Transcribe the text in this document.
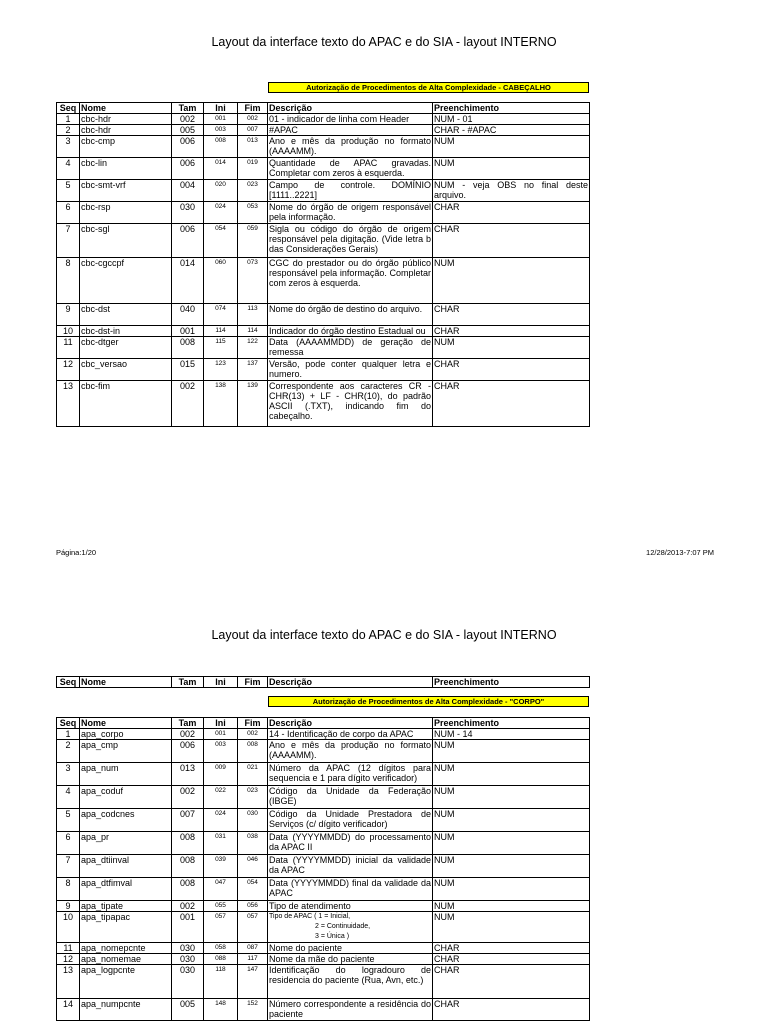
Layout da interface texto do APAC e do SIA - layout INTERNO
Autorização de Procedimentos de Alta Complexidade - CABEÇALHO
Seq	Nome	Tam	Ini	Fim	Descrição	Preenchimento
1	cbc-hdr	002	001	002	01 - indicador de linha com Header	NUM - 01
2	cbc-hdr	005	003	007	#APAC	CHAR - #APAC
3	cbc-cmp	006	008	013	Ano e mês da produção no formato (AAAAMM).	NUM
4	cbc-lin	006	014	019	Quantidade de APAC gravadas. Completar com zeros à esquerda.	NUM
5	cbc-smt-vrf	004	020	023	Campo de controle. DOMÍNIO [1111..2221]	NUM - veja OBS no final deste arquivo.
6	cbc-rsp	030	024	053	Nome do órgão de origem responsável pela informação.	CHAR
7	cbc-sgl	006	054	059	Sigla ou código do órgão de origem responsável pela digitação. (Vide letra b das Considerações Gerais)	CHAR
8	cbc-cgccpf	014	060	073	CGC do prestador ou do órgão público responsável pela informação. Completar com zeros à esquerda.	NUM
9	cbc-dst	040	074	113	Nome do órgão de destino do arquivo.	CHAR
10	cbc-dst-in	001	114	114	Indicador do órgão destino Estadual ou	CHAR
11	cbc-dtger	008	115	122	Data (AAAAMMDD) de geração de remessa	NUM
12	cbc_versao	015	123	137	Versão, pode conter qualquer letra e numero.	CHAR
13	cbc-fim	002	138	139	Correspondente aos caracteres CR - CHR(13) + LF - CHR(10), do padrão ASCII (.TXT), indicando fim do cabeçalho.	CHAR
Página:1/20	12/28/2013-7:07 PM
Layout da interface texto do APAC e do SIA - layout INTERNO
Seq	Nome	Tam	Ini	Fim	Descrição	Preenchimento
Autorização de Procedimentos de Alta Complexidade - "CORPO"
Seq	Nome	Tam	Ini	Fim	Descrição	Preenchimento
1	apa_corpo	002	001	002	14 - Identificação de corpo da APAC	NUM - 14
2	apa_cmp	006	003	008	Ano e mês da produção no formato (AAAAMM).	NUM
3	apa_num	013	009	021	Número da APAC (12 dígitos para sequencia e 1 para dígito verificador)	NUM
4	apa_coduf	002	022	023	Código da Unidade da Federação (IBGE)	NUM
5	apa_codcnes	007	024	030	Código da Unidade Prestadora de Serviços (c/ dígito verificador)	NUM
6	apa_pr	008	031	038	Data (YYYYMMDD) do processamento da APAC II	NUM
7	apa_dtiinval	008	039	046	Data (YYYYMMDD) inicial da validade da APAC	NUM
8	apa_dtfimval	008	047	054	Data (YYYYMMDD) final da validade da APAC	NUM
9	apa_tipate	002	055	056	Tipo de atendimento	NUM
10	apa_tipapac	001	057	057	Tipo de APAC ( 1 = Inicial,
2 = Continuidade,
3 = Única )	NUM
11	apa_nomepcnte	030	058	087	Nome do paciente	CHAR
12	apa_nomemae	030	088	117	Nome da mãe do paciente	CHAR
13	apa_logpcnte	030	118	147	Identificação do logradouro de residencia do paciente (Rua, Avn, etc.)	CHAR
14	apa_numpcnte	005	148	152	Número correspondente a residência do paciente	CHAR
